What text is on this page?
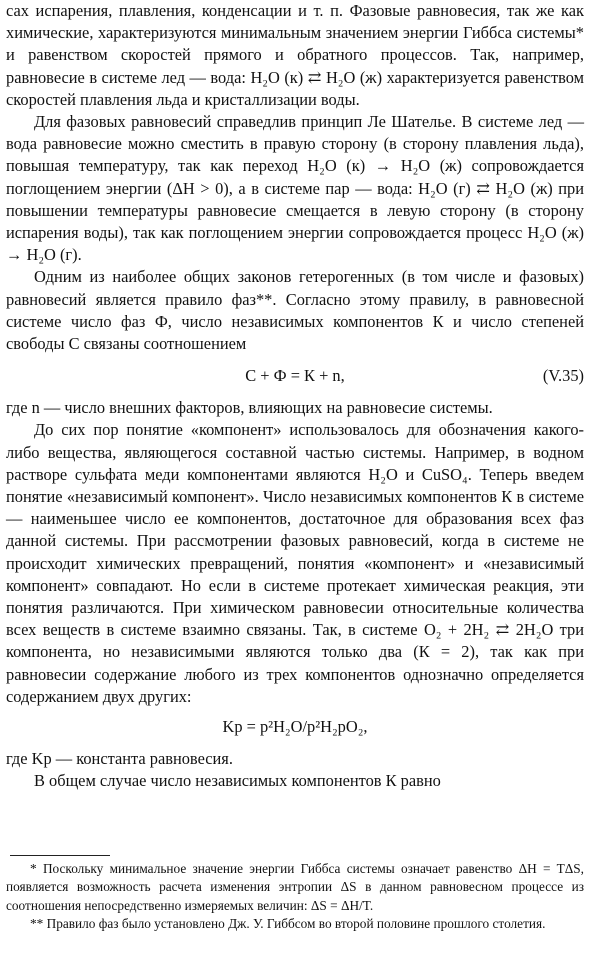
сах испарения, плавления, конденсации и т. п. Фазовые равновесия, так же как химические, характеризуются минимальным значением энергии Гиббса системы* и равенством скоростей прямого и обратного процессов. Так, например, равновесие в системе лед — вода: H₂O (к) ⇄ H₂O (ж) характеризуется равенством скоростей плавления льда и кристаллизации воды.

Для фазовых равновесий справедлив принцип Ле Шателье. В системе лед — вода равновесие можно сместить в правую сторону (в сторону плавления льда), повышая температуру, так как переход H₂O (к) → H₂O (ж) сопровождается поглощением энергии (ΔH > 0), а в системе пар — вода: H₂O (г) ⇄ H₂O (ж) при повышении температуры равновесие смещается в левую сторону (в сторону испарения воды), так как поглощением энергии сопровождается процесс H₂O (ж) → H₂O (г).

Одним из наиболее общих законов гетерогенных (в том числе и фазовых) равновесий является правило фаз**. Согласно этому правилу, в равновесной системе число фаз Ф, число независимых компонентов К и число степеней свободы С связаны соотношением

С + Ф = К + n,	(V.35)

где n — число внешних факторов, влияющих на равновесие системы.

До сих пор понятие «компонент» использовалось для обозначения какого-либо вещества, являющегося составной частью системы. Например, в водном растворе сульфата меди компонентами являются H₂O и CuSO₄. Теперь введем понятие «независимый компонент». Число независимых компонентов К в системе — наименьшее число ее компонентов, достаточное для образования всех фаз данной системы. При рассмотрении фазовых равновесий, когда в системе не происходит химических превращений, понятия «компонент» и «независимый компонент» совпадают. Но если в системе протекает химическая реакция, эти понятия различаются. При химическом равновесии относительные количества всех веществ в системе взаимно связаны. Так, в системе O₂ + 2H₂ ⇄ 2H₂O три компонента, но независимыми являются только два (К = 2), так как при равновесии содержание любого из трех компонентов однозначно определяется содержанием двух других:

Kp = p²H₂O/p²H₂pO₂,

где Kp — константа равновесия.

В общем случае число независимых компонентов К равно

* Поскольку минимальное значение энергии Гиббса системы означает равенство ΔH = TΔS, появляется возможность расчета изменения энтропии ΔS в данном равновесном процессе из соотношения непосредственно измеряемых величин: ΔS = ΔH/T.

** Правило фаз было установлено Дж. У. Гиббсом во второй половине прошлого столетия.
